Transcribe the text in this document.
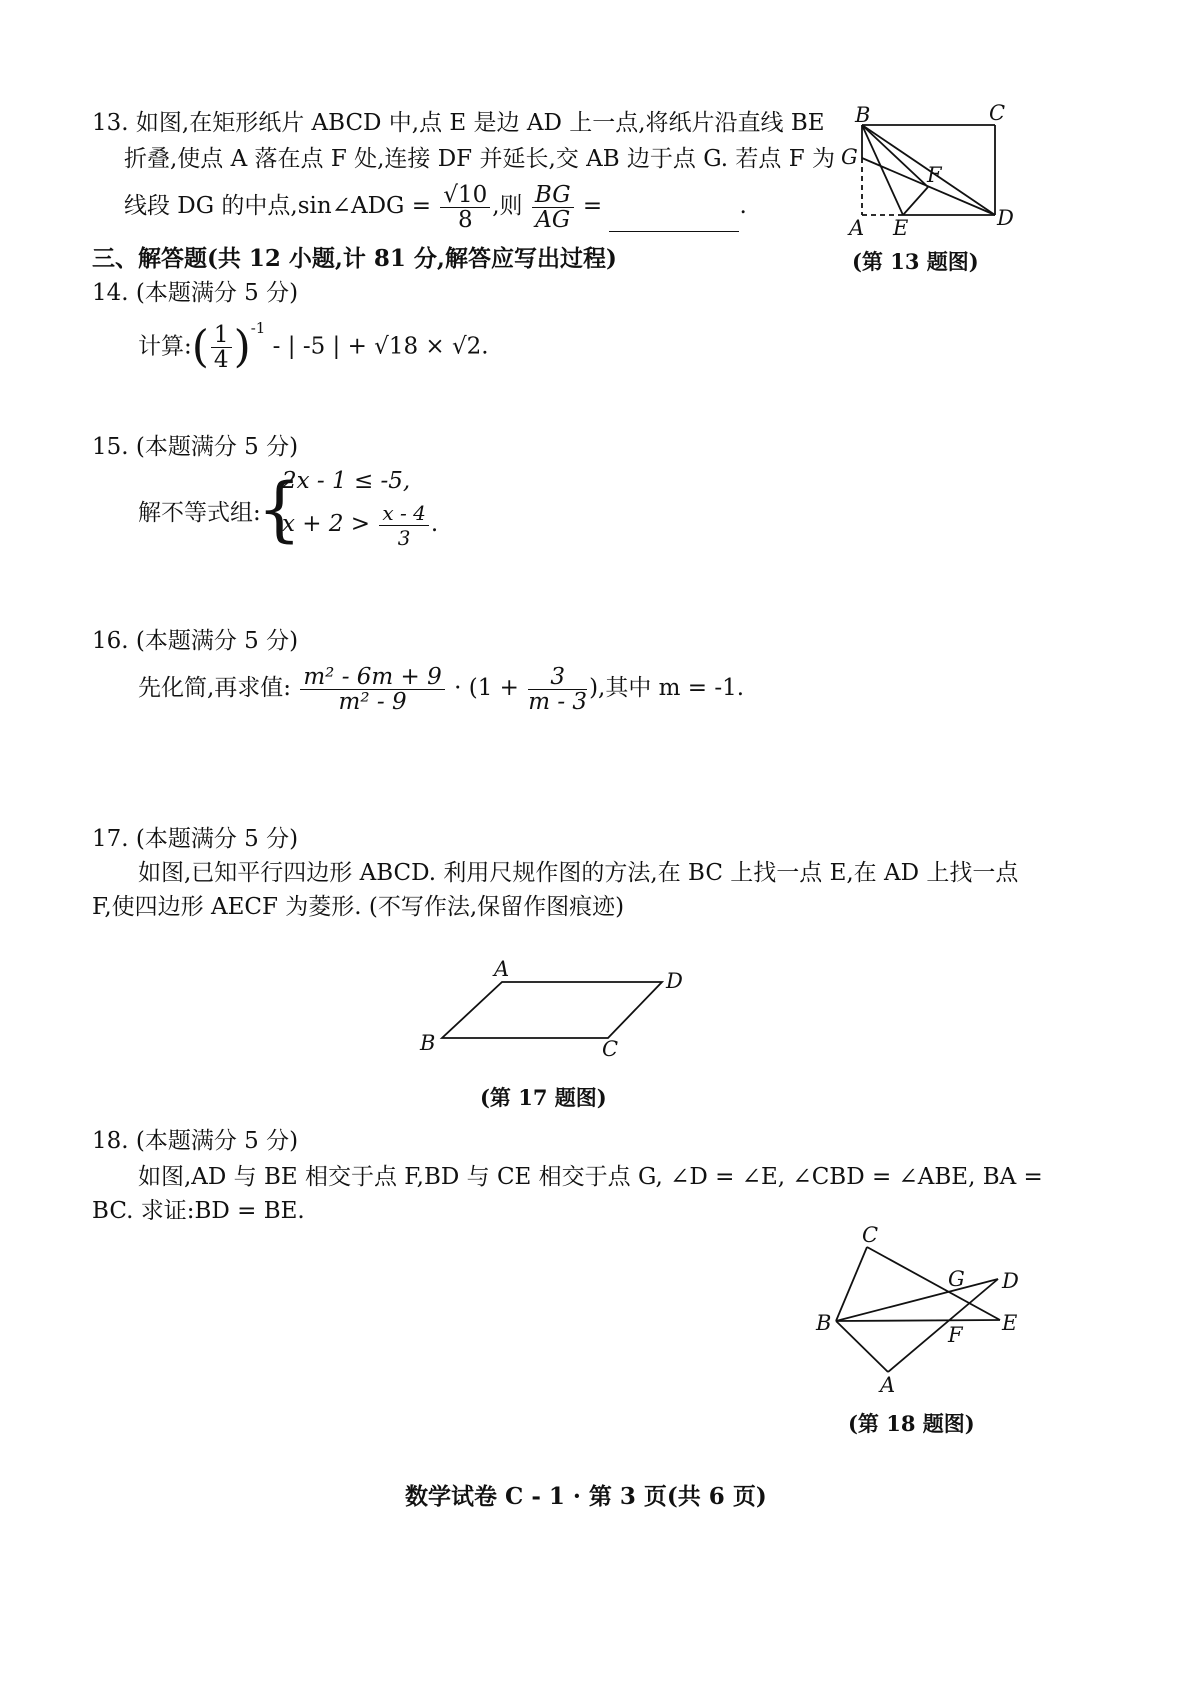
13. 如图,在矩形纸片 ABCD 中,点 E 是边 AD 上一点,将纸片沿直线 BE
折叠,使点 A 落在点 F 处,连接 DF 并延长,交 AB 边于点 G. 若点 F 为
线段 DG 的中点,sin∠ADG = $\frac{√10}{8}$ ,则 $\frac{BG}{AG}$ =	.
B	C
G
F
A E	D
(第 13 题图)
三、解答题(共 12 小题,计 81 分,解答应写出过程)
14. (本题满分 5 分)
计算:( $\frac{1}{4} )^{-1}$ - | -5 | + √18 × √2.
15. (本题满分 5 分)
解不等式组:
{
2x - 1 ≤ -5,
$x + 2 > \frac{x - 4}{3}$ .
16. (本题满分 5 分)
先化简,再求值: $\frac{\text{m² - 6m + 9}}{\text{m² - 9}} \cdot (1 + \frac{3}{m - 3}$ ),其中 m = -1.
17. (本题满分 5 分)
如图,已知平行四边形 ABCD. 利用尺规作图的方法,在 BC 上找一点 E,在 AD 上找一点
F,使四边形 AECF 为菱形. (不写作法,保留作图痕迹)
A	D
B	C
(第 17 题图)
18. (本题满分 5 分)
如图,AD 与 BE 相交于点 F,BD 与 CE 相交于点 G, ∠D = ∠E, ∠CBD = ∠ABE, BA =
BC. 求证:BD = BE.
C
G D
B	E
F
A
(第 18 题图)
数学试卷 C - 1 · 第 3 页(共 6 页)
